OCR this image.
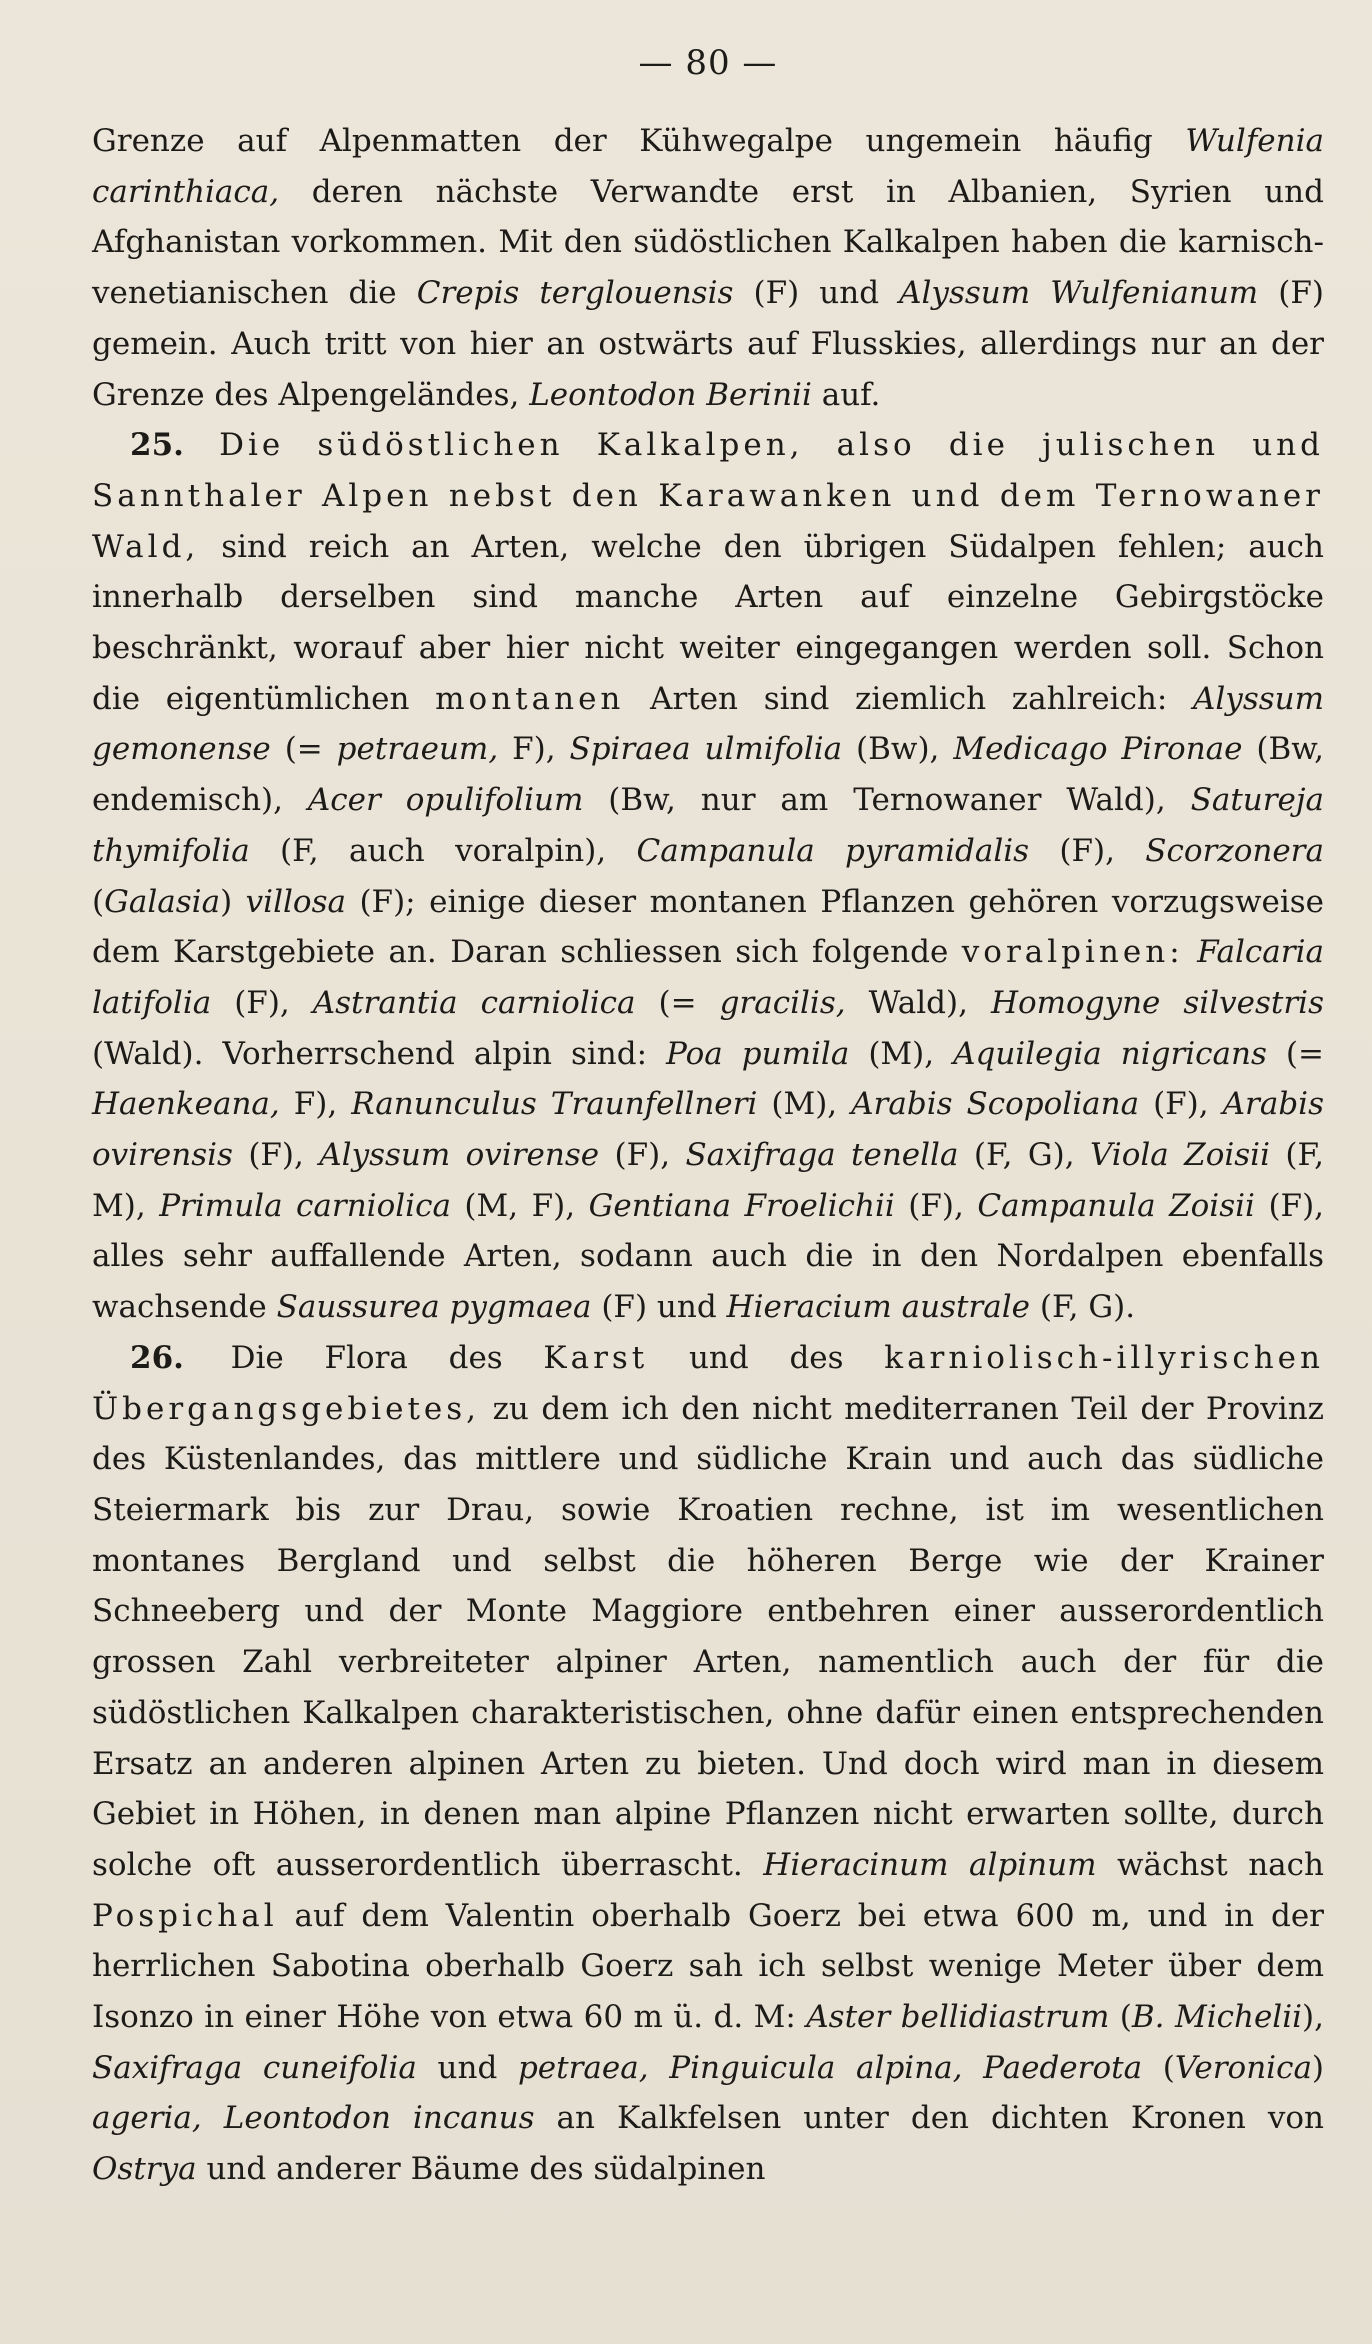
— 80 —

Grenze auf Alpenmatten der Kühwegalpe ungemein häufig Wulfenia carinthiaca, deren nächste Verwandte erst in Albanien, Syrien und Afghanistan vorkommen. Mit den südöstlichen Kalkalpen haben die karnisch-venetianischen die Crepis terglouensis (F) und Alyssum Wulfenianum (F) gemein. Auch tritt von hier an ostwärts auf Flusskies, allerdings nur an der Grenze des Alpengeländes, Leontodon Berinii auf.

25. Die südöstlichen Kalkalpen, also die julischen und Sannthaler Alpen nebst den Karawanken und dem Ternowaner Wald, sind reich an Arten, welche den übrigen Südalpen fehlen; auch innerhalb derselben sind manche Arten auf einzelne Gebirgstöcke beschränkt, worauf aber hier nicht weiter eingegangen werden soll. Schon die eigentümlichen montanen Arten sind ziemlich zahlreich: Alyssum gemonense (= petraeum, F), Spiraea ulmifolia (Bw), Medicago Pironae (Bw, endemisch), Acer opulifolium (Bw, nur am Ternowaner Wald), Satureja thymifolia (F, auch voralpin), Campanula pyramidalis (F), Scorzonera (Galasia) villosa (F); einige dieser montanen Pflanzen gehören vorzugsweise dem Karstgebiete an. Daran schliessen sich folgende voralpinen: Falcaria latifolia (F), Astrantia carniolica (= gracilis, Wald), Homogyne silvestris (Wald). Vorherrschend alpin sind: Poa pumila (M), Aquilegia nigricans (= Haenkeana, F), Ranunculus Traunfellneri (M), Arabis Scopoliana (F), Arabis ovirensis (F), Alyssum ovirense (F), Saxifraga tenella (F, G), Viola Zoisii (F, M), Primula carniolica (M, F), Gentiana Froelichii (F), Campanula Zoisii (F), alles sehr auffallende Arten, sodann auch die in den Nordalpen ebenfalls wachsende Saussurea pygmaea (F) und Hieracium australe (F, G).

26. Die Flora des Karst und des karniolisch-illyrischen Übergangsgebietes, zu dem ich den nicht mediterranen Teil der Provinz des Küstenlandes, das mittlere und südliche Krain und auch das südliche Steiermark bis zur Drau, sowie Kroatien rechne, ist im wesentlichen montanes Bergland und selbst die höheren Berge wie der Krainer Schneeberg und der Monte Maggiore entbehren einer ausserordentlich grossen Zahl verbreiteter alpiner Arten, namentlich auch der für die südöstlichen Kalkalpen charakteristischen, ohne dafür einen entsprechenden Ersatz an anderen alpinen Arten zu bieten. Und doch wird man in diesem Gebiet in Höhen, in denen man alpine Pflanzen nicht erwarten sollte, durch solche oft ausserordentlich überrascht. Hieracinum alpinum wächst nach Pospichal auf dem Valentin oberhalb Goerz bei etwa 600 m, und in der herrlichen Sabotina oberhalb Goerz sah ich selbst wenige Meter über dem Isonzo in einer Höhe von etwa 60 m ü. d. M: Aster bellidiastrum (B. Michelii), Saxifraga cuneifolia und petraea, Pinguicula alpina, Paederota (Veronica) ageria, Leontodon incanus an Kalkfelsen unter den dichten Kronen von Ostrya und anderer Bäume des südalpinen
